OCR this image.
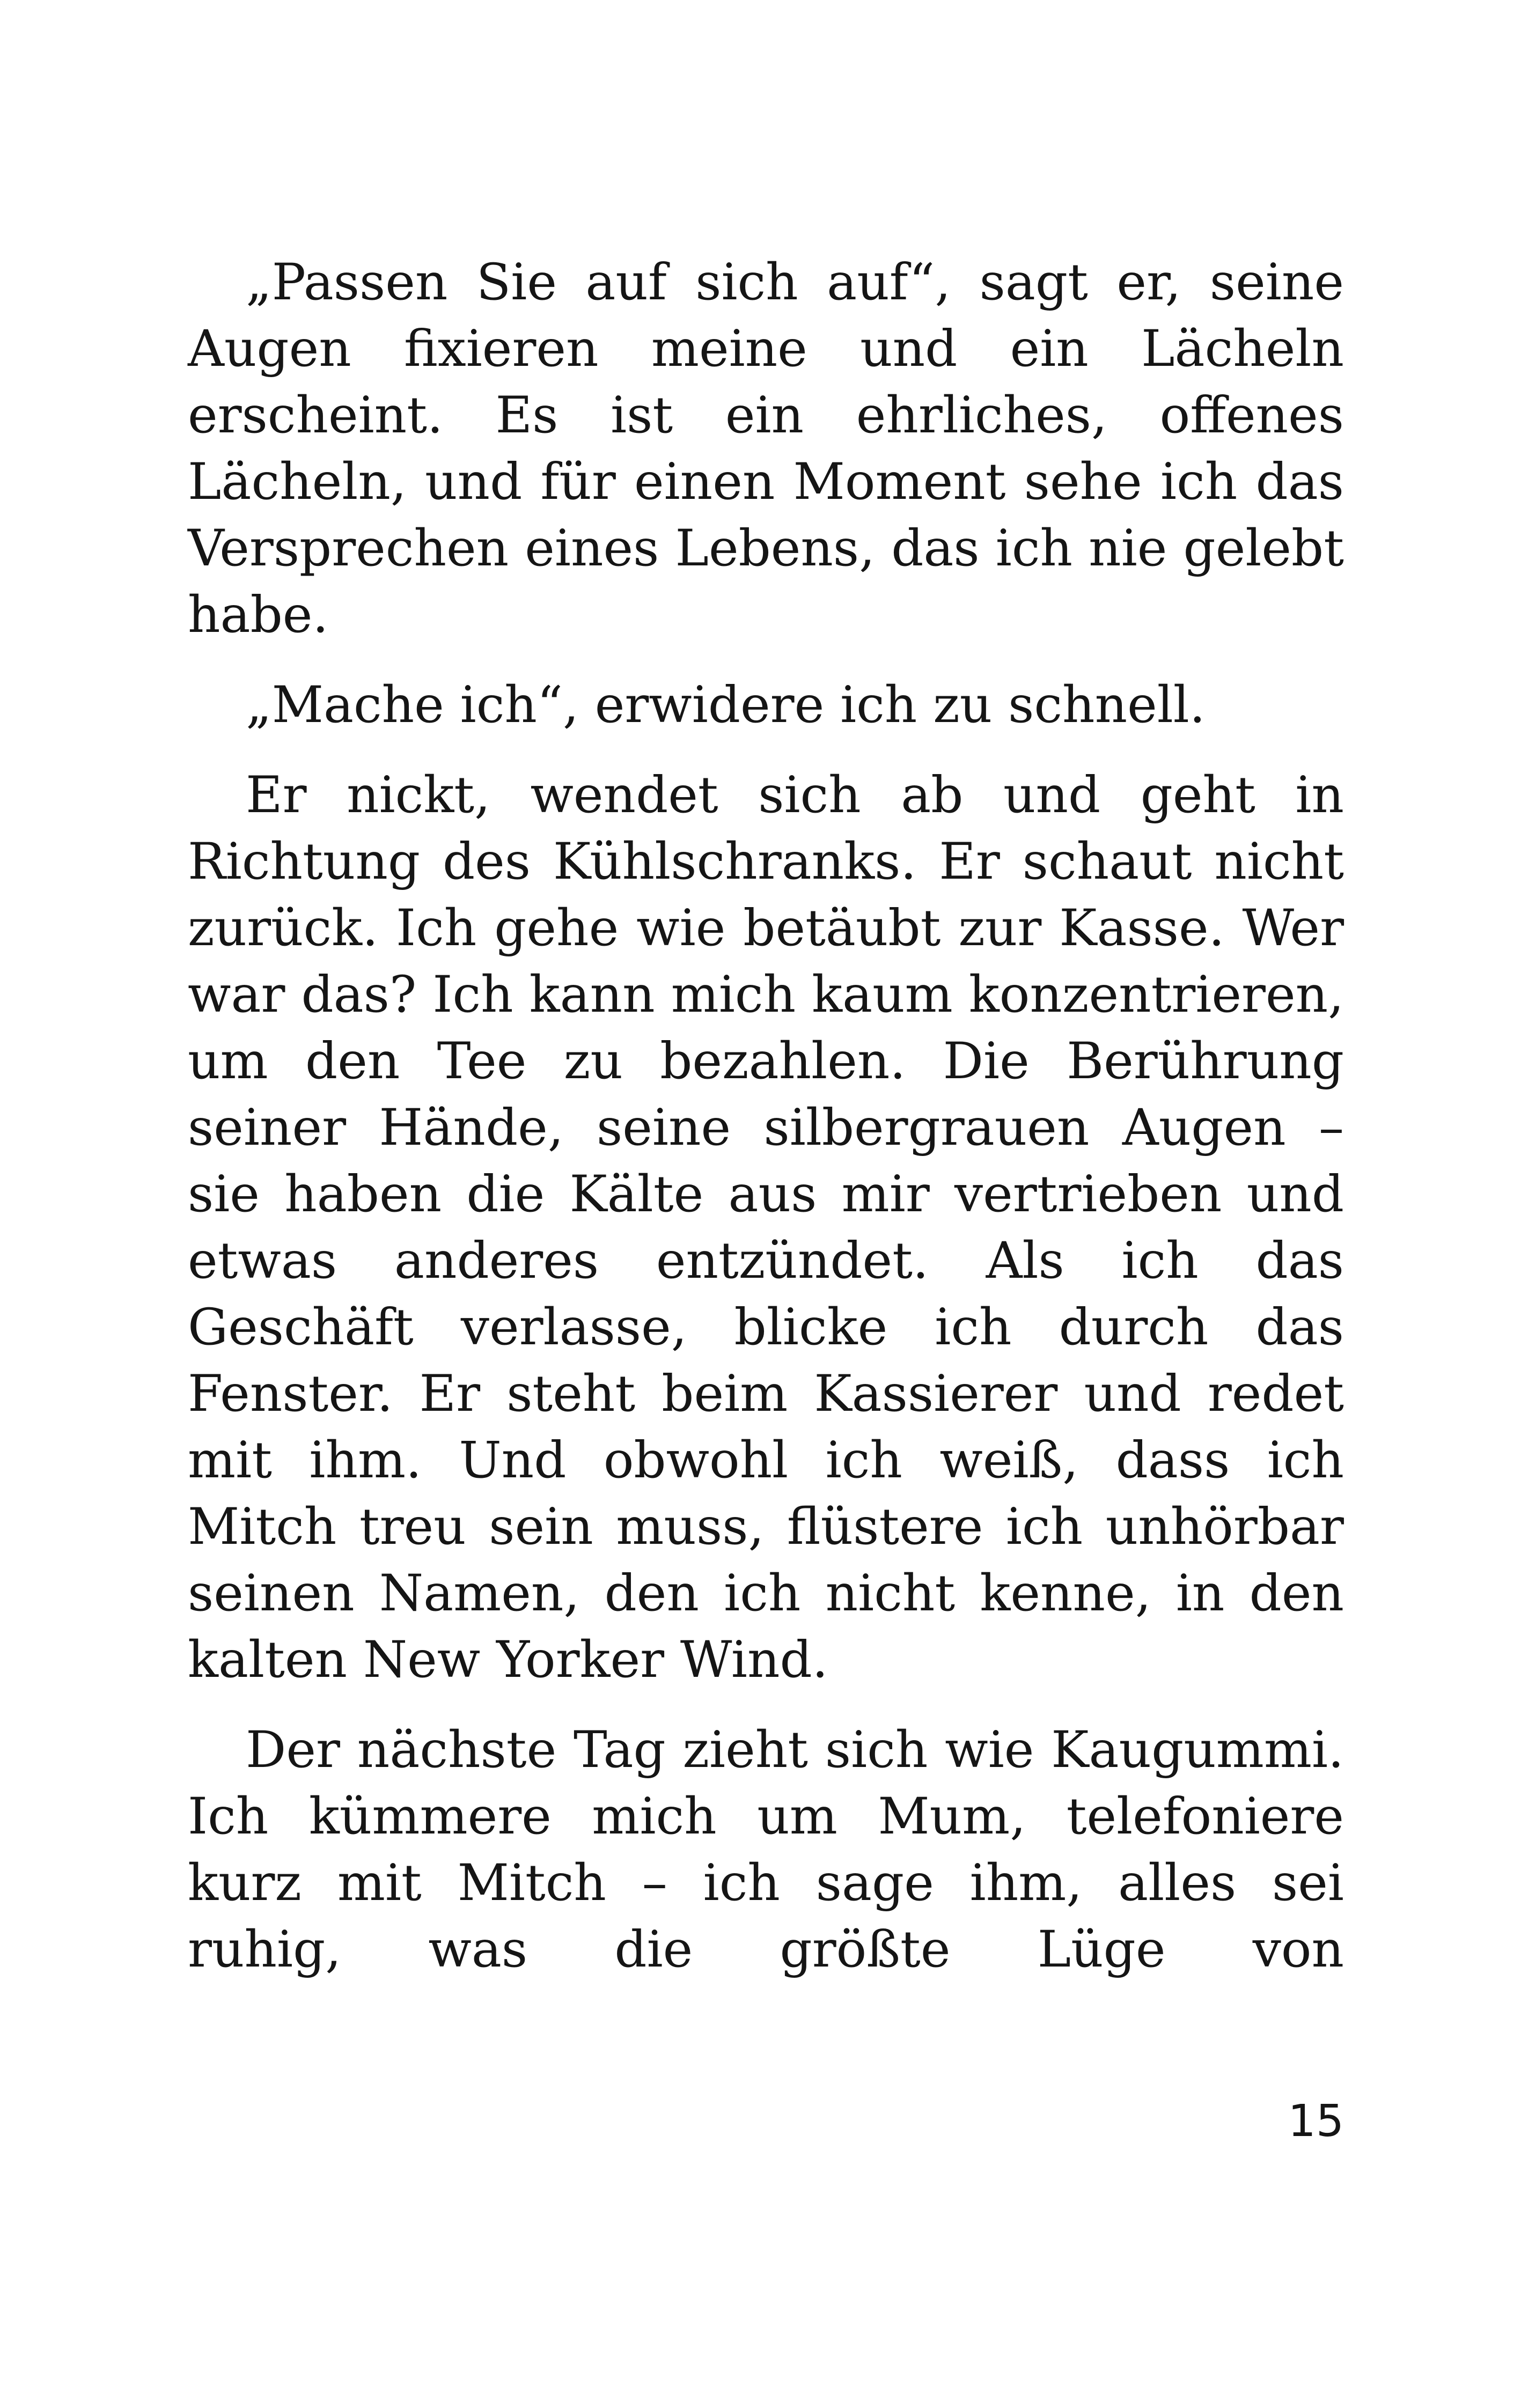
„Passen Sie auf sich auf“, sagt er, seine Augen fixieren meine und ein Lächeln erscheint. Es ist ein ehrliches, offenes Lächeln, und für einen Moment sehe ich das Versprechen eines Lebens, das ich nie gelebt habe.

„Mache ich“, erwidere ich zu schnell.

Er nickt, wendet sich ab und geht in Richtung des Kühlschranks. Er schaut nicht zurück. Ich gehe wie betäubt zur Kasse. Wer war das? Ich kann mich kaum konzentrieren, um den Tee zu bezahlen. Die Berührung seiner Hände, seine silbergrauen Augen – sie haben die Kälte aus mir vertrieben und etwas anderes entzündet. Als ich das Geschäft verlasse, blicke ich durch das Fenster. Er steht beim Kassierer und redet mit ihm. Und obwohl ich weiß, dass ich Mitch treu sein muss, flüstere ich unhörbar seinen Namen, den ich nicht kenne, in den kalten New Yorker Wind.

Der nächste Tag zieht sich wie Kaugummi. Ich kümmere mich um Mum, telefoniere kurz mit Mitch – ich sage ihm, alles sei ruhig, was die größte Lüge von

15
